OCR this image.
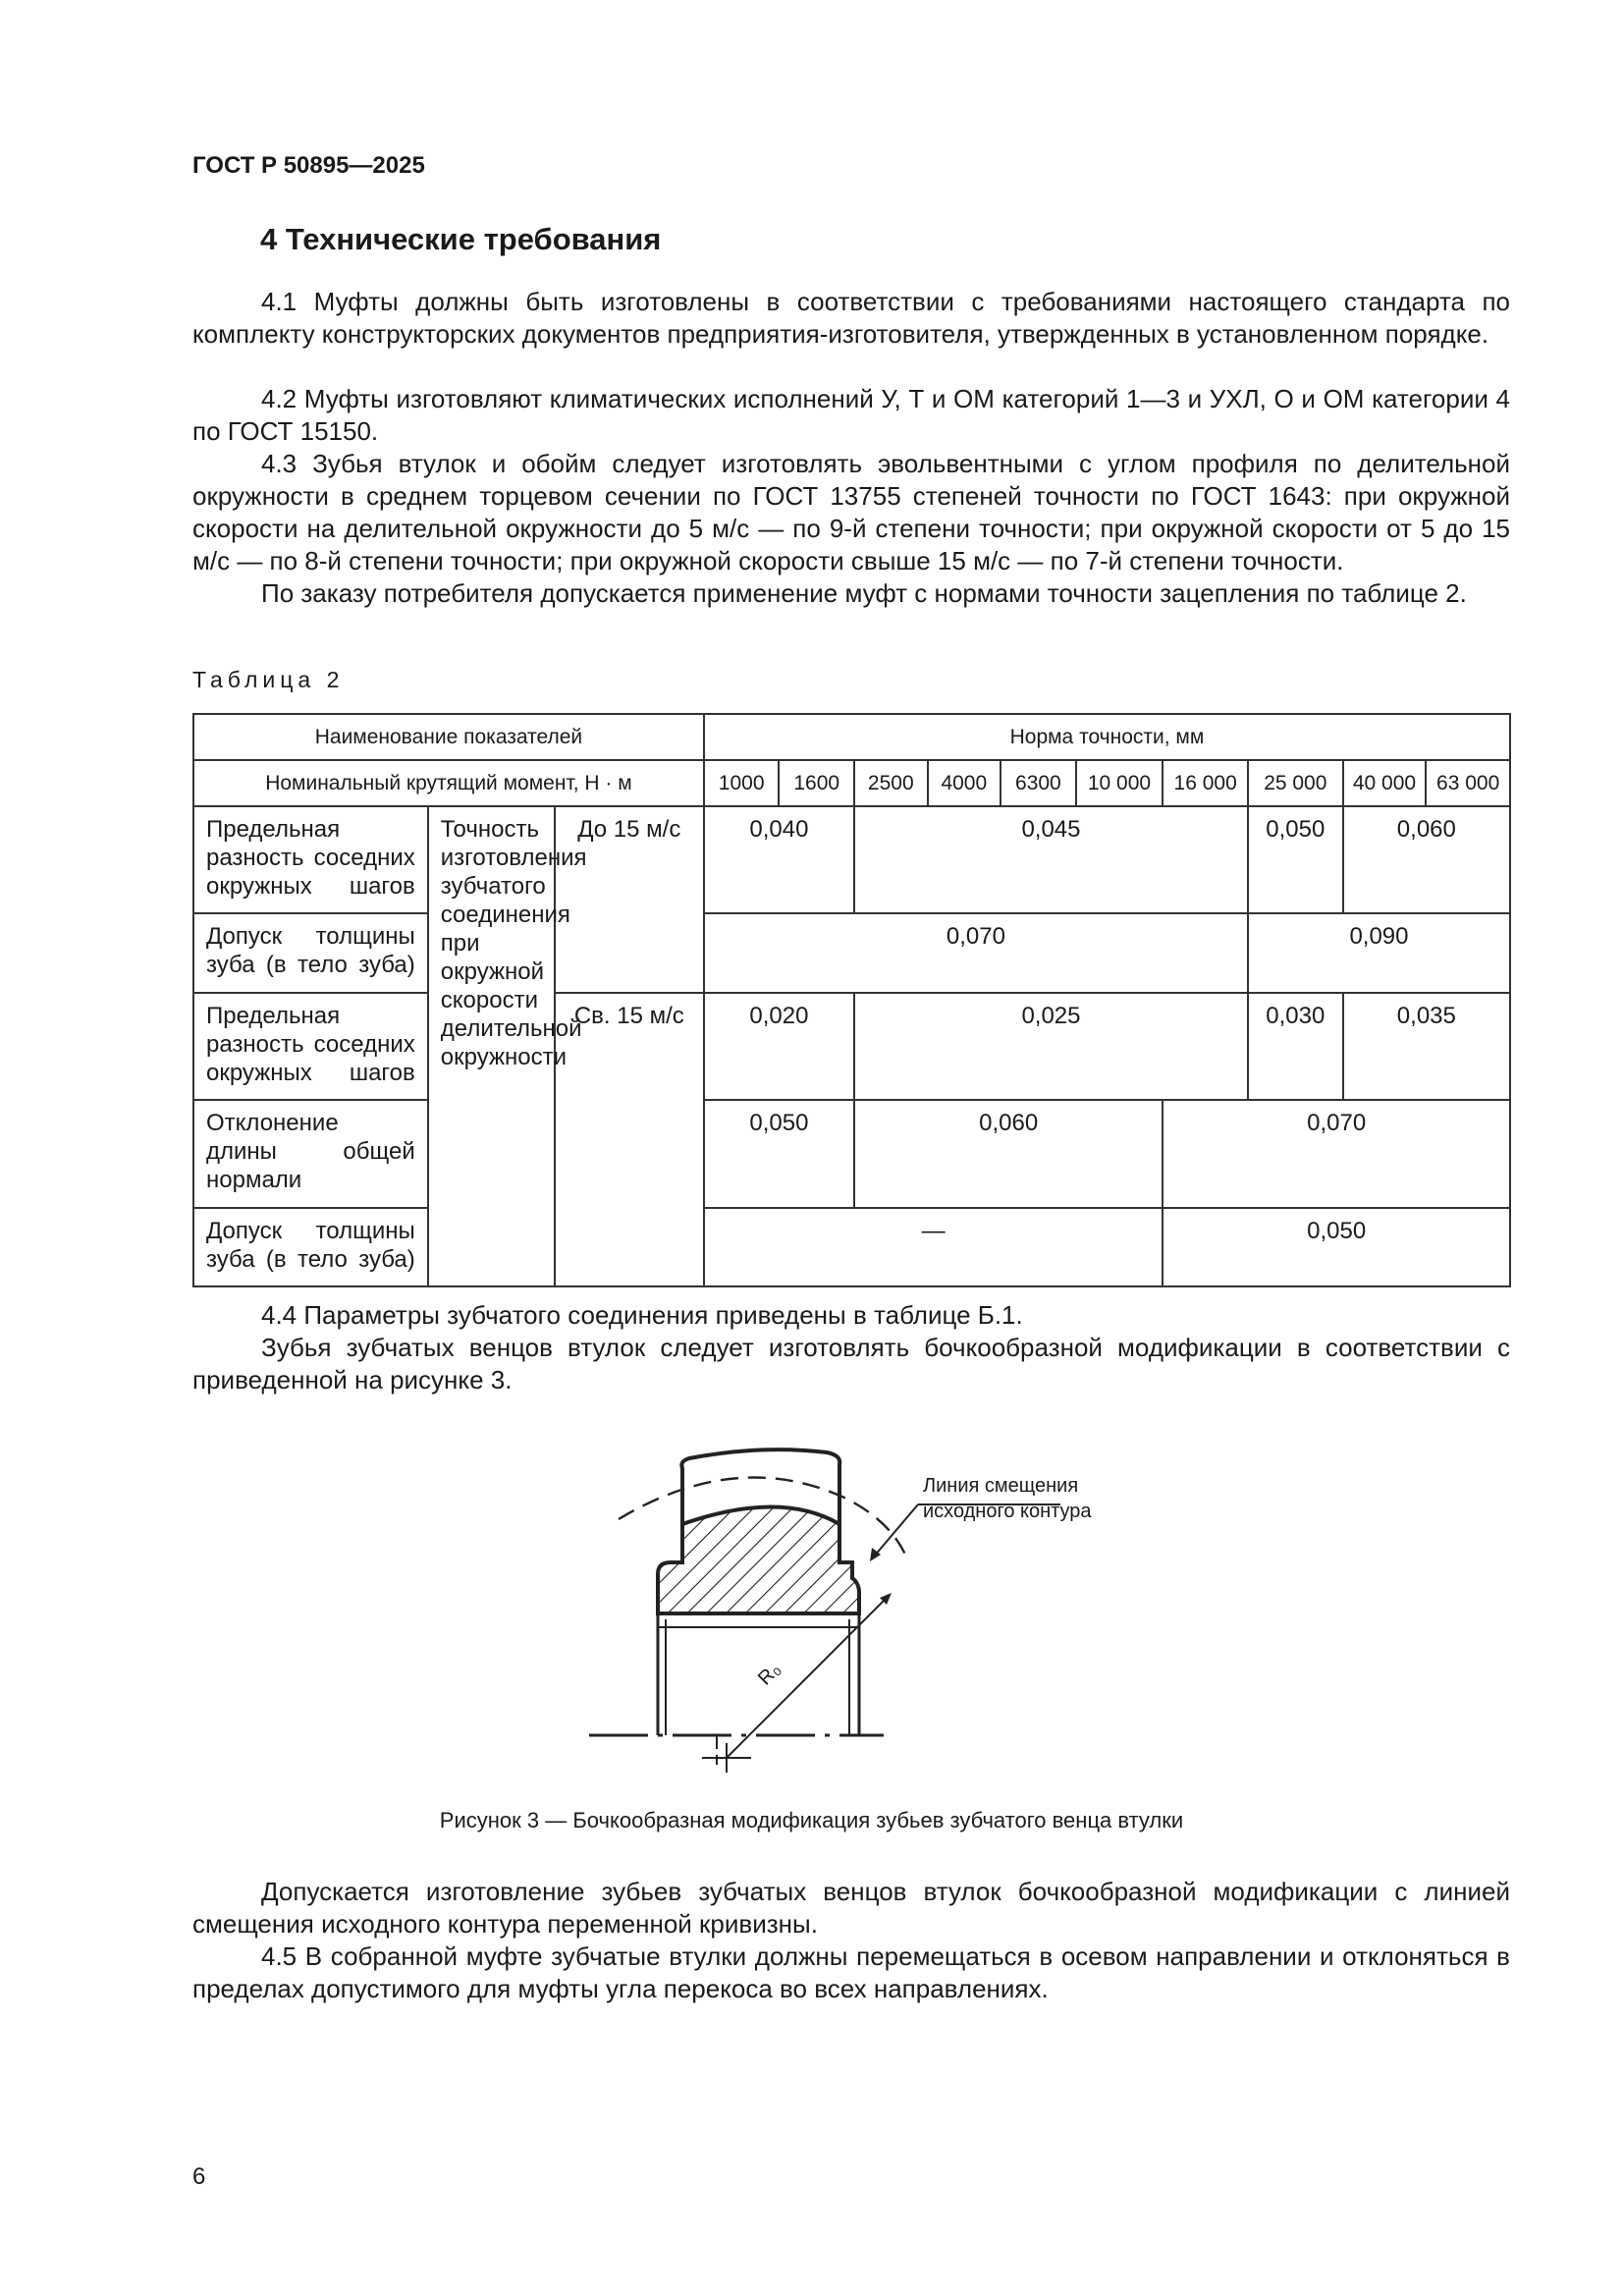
ГОСТ Р 50895—2025
4 Технические требования
4.1 Муфты должны быть изготовлены в соответствии с требованиями настоящего стандарта по комплекту конструкторских документов предприятия-изготовителя, утвержденных в установленном порядке.
4.2 Муфты изготовляют климатических исполнений У, Т и ОМ категорий 1—3 и УХЛ, О и ОМ категории 4 по ГОСТ 15150.
4.3 Зубья втулок и обойм следует изготовлять эвольвентными с углом профиля по делительной окружности в среднем торцевом сечении по ГОСТ 13755 степеней точности по ГОСТ 1643: при окружной скорости на делительной окружности до 5 м/с — по 9-й степени точности; при окружной скорости от 5 до 15 м/с — по 8-й степени точности; при окружной скорости свыше 15 м/с — по 7-й степени точности.
По заказу потребителя допускается применение муфт с нормами точности зацепления по таблице 2.
Таблица 2
Наименование показателей			Норма точности, мм									
Номинальный крутящий момент, Н · м			1000	1600	2500	4000	6300	10 000	16 000	25 000	40 000	63 000

Предельная разность соседних окружных шагов	Точность изготовления зубчатого соединения при окружной скорости делительной окружности	До 15 м/с	0,040		0,045					0,050	0,060	

Допуск толщины зуба (в тело зуба)			0,070							0,090		

Предельная разность соседних окружных шагов		Св. 15 м/с	0,020		0,025					0,030	0,035	

Отклонение длины общей нормали			0,050		0,060				0,070			

Допуск толщины зуба (в тело зуба)			—						0,050			
4.4 Параметры зубчатого соединения приведены в таблице Б.1.
Зубья зубчатых венцов втулок следует изготовлять бочкообразной модификации в соответствии с приведенной на рисунке 3.
Линия смещения
исходного контура
R₀
Рисунок 3 — Бочкообразная модификация зубьев зубчатого венца втулки
Допускается изготовление зубьев зубчатых венцов втулок бочкообразной модификации с линией смещения исходного контура переменной кривизны.
4.5 В собранной муфте зубчатые втулки должны перемещаться в осевом направлении и отклоняться в пределах допустимого для муфты угла перекоса во всех направлениях.
6
